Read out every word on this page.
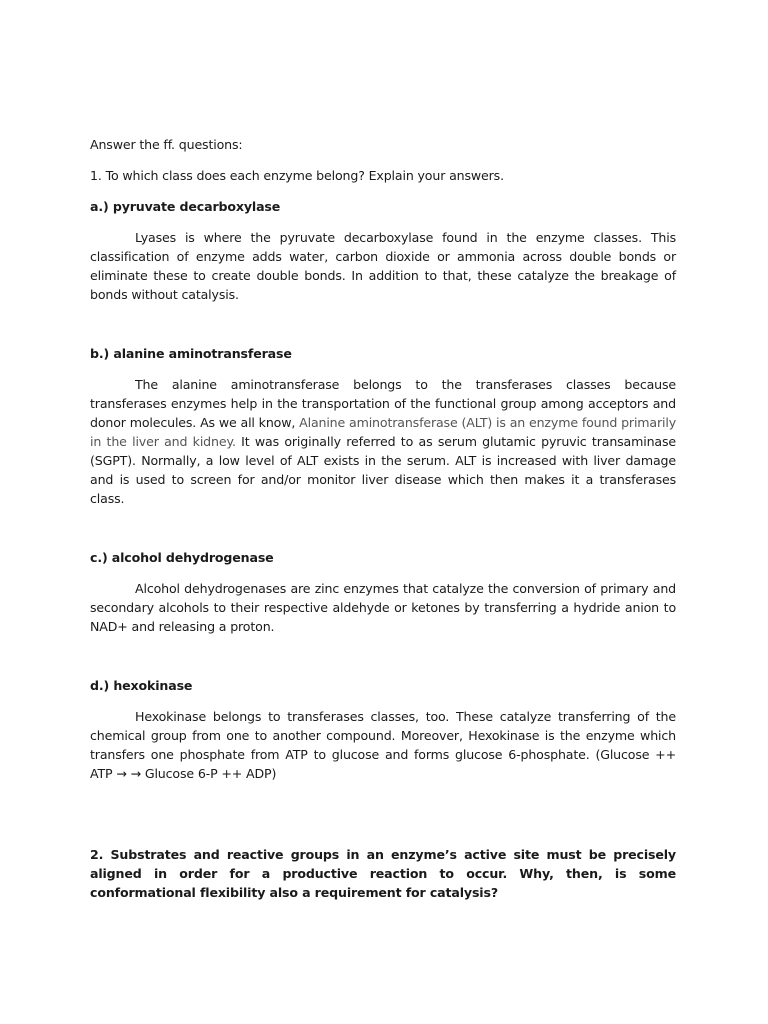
Answer the ff. questions:

1. To which class does each enzyme belong? Explain your answers.

a.) pyruvate decarboxylase

Lyases is where the pyruvate decarboxylase found in the enzyme classes. This classification of enzyme adds water, carbon dioxide or ammonia across double bonds or eliminate these to create double bonds. In addition to that, these catalyze the breakage of bonds without catalysis.

b.) alanine aminotransferase

The alanine aminotransferase belongs to the transferases classes because transferases enzymes help in the transportation of the functional group among acceptors and donor molecules. As we all know, Alanine aminotransferase (ALT) is an enzyme found primarily in the liver and kidney. It was originally referred to as serum glutamic pyruvic transaminase (SGPT). Normally, a low level of ALT exists in the serum. ALT is increased with liver damage and is used to screen for and/or monitor liver disease which then makes it a transferases class.

c.) alcohol dehydrogenase

Alcohol dehydrogenases are zinc enzymes that catalyze the conversion of primary and secondary alcohols to their respective aldehyde or ketones by transferring a hydride anion to NAD+ and releasing a proton.

d.) hexokinase

Hexokinase belongs to transferases classes, too. These catalyze transferring of the chemical group from one to another compound. Moreover, Hexokinase is the enzyme which transfers one phosphate from ATP to glucose and forms glucose 6-phosphate. (Glucose ++ ATP → → Glucose 6-P ++ ADP)

2. Substrates and reactive groups in an enzyme’s active site must be precisely aligned in order for a productive reaction to occur. Why, then, is some conformational flexibility also a requirement for catalysis?
